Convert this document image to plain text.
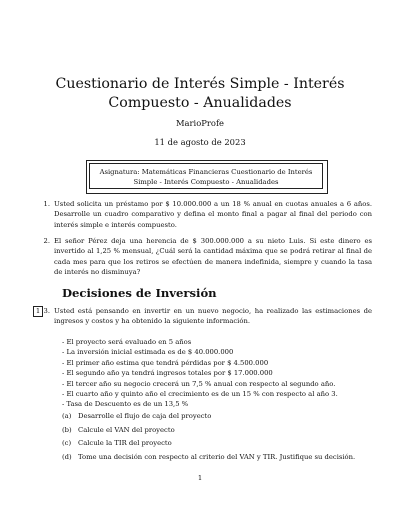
Cuestionario de Interés Simple - Interés Compuesto - Anualidades
MarioProfe
11 de agosto de 2023
Asignatura: Matemáticas Financieras Cuestionario de Interés Simple - Interés Compuesto - Anualidades
1. Usted solicita un préstamo por $ 10.000.000 a un 18 % anual en cuotas anuales a 6 años. Desarrolle un cuadro comparativo y defina el monto final a pagar al final del periodo con interés simple e interés compuesto.
2. El señor Pérez deja una herencia de $ 300.000.000 a su nieto Luis. Si este dinero es invertido al 1,25 % mensual, ¿Cuál será la cantidad máxima que se podrá retirar al final de cada mes para que los retiros se efectúen de manera indefinida, siempre y cuando la tasa de interés no disminuya?
Decisiones de Inversión
1 3. Usted está pensando en invertir en un nuevo negocio, ha realizado las estimaciones de ingresos y costos y ha obtenido la siguiente información.
- El proyecto será evaluado en 5 años
- La inversión inicial estimada es de $ 40.000.000
- El primer año estima que tendrá pérdidas por $ 4.500.000
- El segundo año ya tendrá ingresos totales por $ 17.000.000
- El tercer año su negocio crecerá un 7,5 % anual con respecto al segundo año.
- El cuarto año y quinto año el crecimiento es de un 15 % con respecto al año 3.
- Tasa de Descuento es de un 13,5 %
(a) Desarrolle el flujo de caja del proyecto
(b) Calcule el VAN del proyecto
(c) Calcule la TIR del proyecto
(d) Tome una decisión con respecto al criterio del VAN y TIR. Justifique su decisión.
1
